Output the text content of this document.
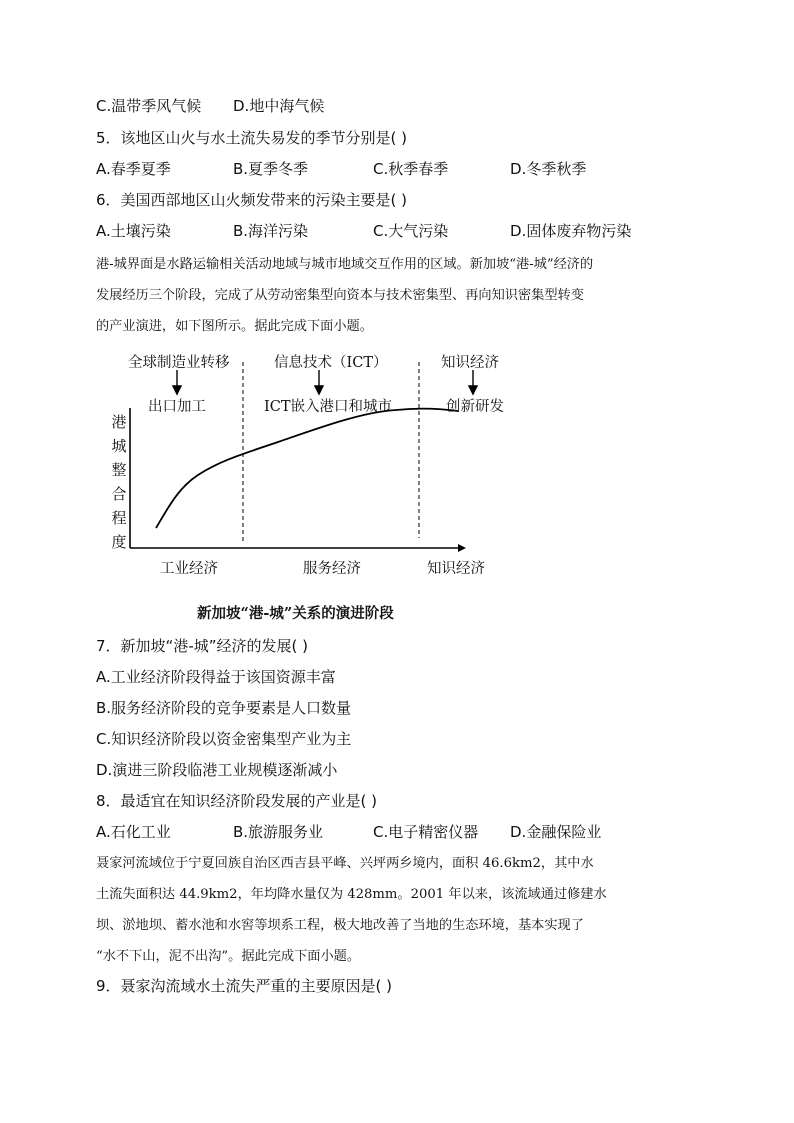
C.温带季风气候 D.地中海气候
5．该地区山火与水土流失易发的季节分别是( )
A.春季夏季	B.夏季冬季	C.秋季春季	D.冬季秋季
6．美国西部地区山火频发带来的污染主要是( )
A.土壤污染	B.海洋污染	C.大气污染	D.固体废弃物污染
港-城界面是水路运输相关活动地域与城市地域交互作用的区域。新加坡“港-城”经济的
发展经历三个阶段，完成了从劳动密集型向资本与技术密集型、再向知识密集型转变
的产业演进，如下图所示。据此完成下面小题。
全球制造业转移	信息技术（ICT）	知识经济
出口加工	ICT嵌入港口和城市	创新研发
港
城
整
合
程
度
工业经济	服务经济	知识经济
新加坡“港-城”关系的演进阶段
7．新加坡“港-城”经济的发展( )
A.工业经济阶段得益于该国资源丰富
B.服务经济阶段的竞争要素是人口数量
C.知识经济阶段以资金密集型产业为主
D.演进三阶段临港工业规模逐渐减小
8．最适宜在知识经济阶段发展的产业是( )
A.石化工业	B.旅游服务业	C.电子精密仪器 D.金融保险业
聂家河流域位于宁夏回族自治区西吉县平峰、兴坪两乡境内，面积 46.6km2，其中水
土流失面积达 44.9km2，年均降水量仅为 428mm。2001 年以来，该流域通过修建水
坝、淤地坝、蓄水池和水窖等坝系工程，极大地改善了当地的生态环境，基本实现了
“水不下山，泥不出沟”。据此完成下面小题。
9．聂家沟流域水土流失严重的主要原因是( )
